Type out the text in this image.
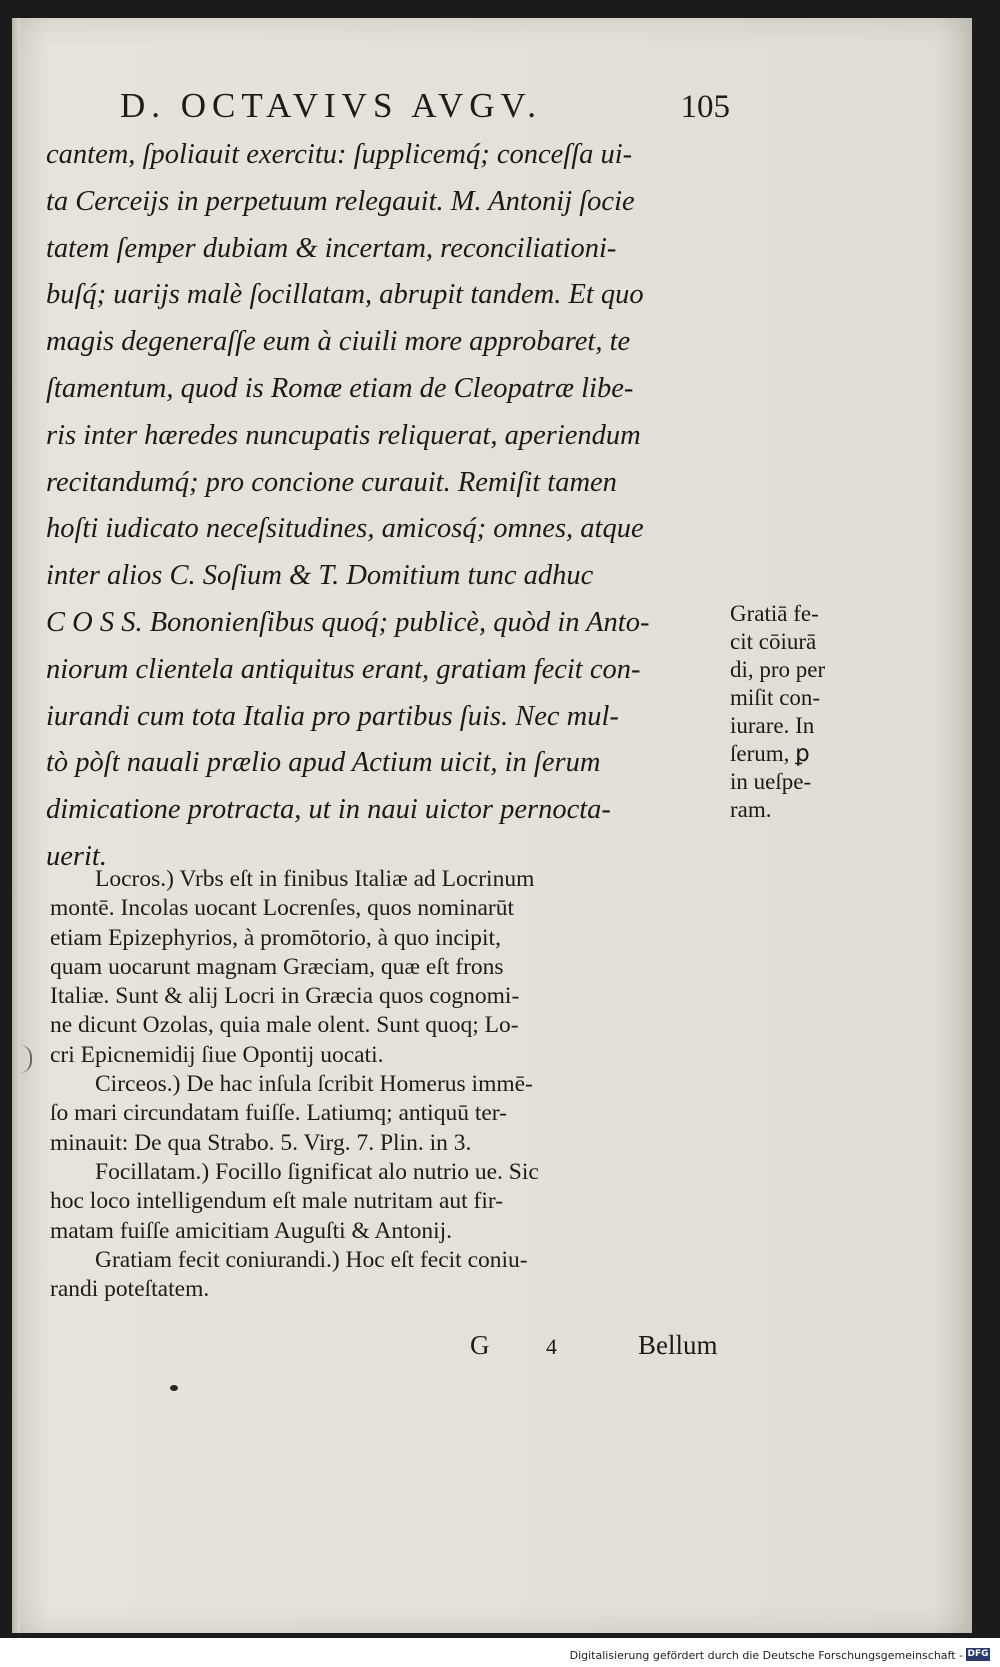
D. OCTAVIVS AVGV.	105
cantem, ſpoliauit exercitu: ſupplicemq́; conceſſa ui-
ta Cerceijs in perpetuum relegauit. M. Antonij ſocie
tatem ſemper dubiam & incertam, reconciliationi-
buſq́; uarijs malè ſocillatam, abrupit tandem. Et quo
magis degeneraſſe eum à ciuili more approbaret, te
ſtamentum, quod is Romæ etiam de Cleopatræ libe-
ris inter hæredes nuncupatis reliquerat, aperiendum
recitandumq́; pro concione curauit. Remiſit tamen
hoſti iudicato neceſsitudines, amicosq́; omnes, atque
inter alios C. Soſium & T. Domitium tunc adhuc
C O S S. Bononienſibus quoq́; publicè, quòd in Anto-
niorum clientela antiquitus erant, gratiam fecit con-
iurandi cum tota Italia pro partibus ſuis. Nec mul-
tò pòſt nauali prælio apud Actium uicit, in ſerum
dimicatione protracta, ut in naui uictor pernocta-
uerit.
Gratiā fe-
cit cōiurā
di, pro per
miſit con-
iurare. In
ſerum, ꝑ
in ueſpe-
ram.
Locros.) Vrbs eſt in finibus Italiæ ad Locrinum
montē. Incolas uocant Locrenſes, quos nominarūt
etiam Epizephyrios, à promōtorio, à quo incipit,
quam uocarunt magnam Græciam, quæ eſt frons
Italiæ. Sunt & alij Locri in Græcia quos cognomi-
ne dicunt Ozolas, quia male olent. Sunt quoq; Lo-
cri Epicnemidij ſiue Opontij uocati.
Circeos.) De hac inſula ſcribit Homerus immē-
ſo mari circundatam fuiſſe. Latiumq; antiquū ter-
minauit: De qua Strabo. 5. Virg. 7. Plin. in 3.
Focillatam.) Focillo ſignificat alo nutrio ue. Sic
hoc loco intelligendum eſt male nutritam aut fir-
matam fuiſſe amicitiam Auguſti & Antonij.
Gratiam fecit coniurandi.) Hoc eſt fecit coniu-
randi poteſtatem.
G	4	Bellum
Digitalisierung gefördert durch die Deutsche Forschungsgemeinschaft - DFG
